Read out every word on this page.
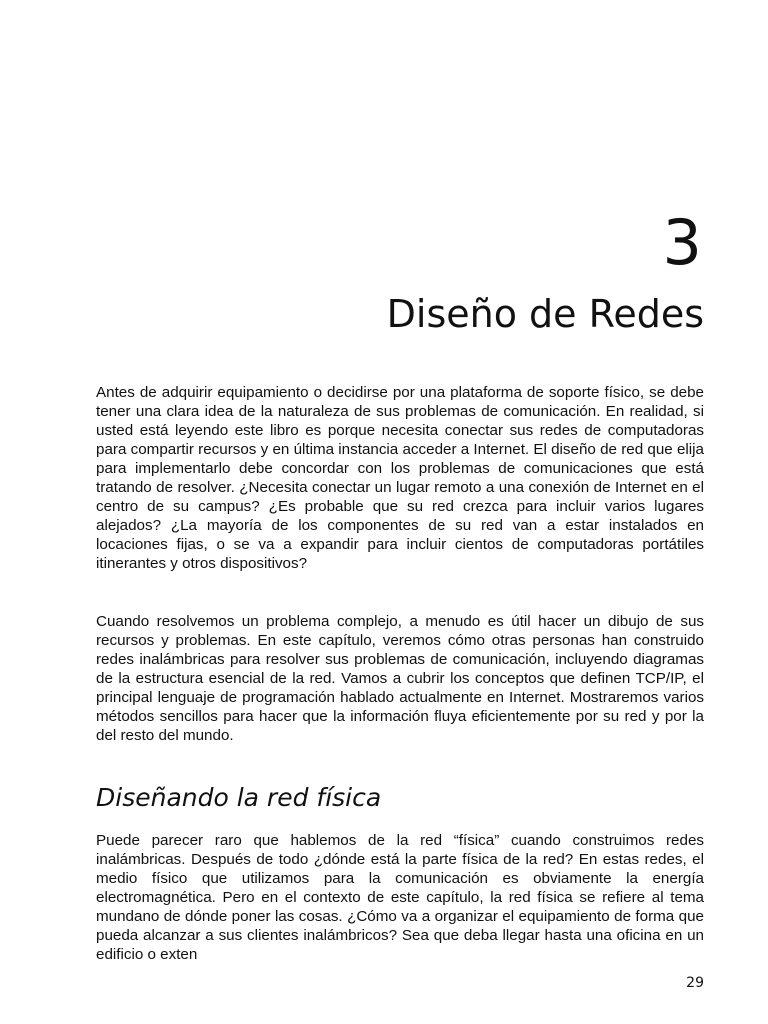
3
Diseño de Redes

Antes de adquirir equipamiento o decidirse por una plataforma de soporte físico, se debe tener una clara idea de la naturaleza de sus problemas de comunicación. En realidad, si usted está leyendo este libro es porque necesita conectar sus redes de computadoras para compartir recursos y en última instancia acceder a Internet. El diseño de red que elija para implementarlo debe concordar con los problemas de comunicaciones que está tratando de resolver. ¿Necesita conectar un lugar remoto a una conexión de Internet en el centro de su campus? ¿Es probable que su red crezca para incluir varios lugares alejados? ¿La mayoría de los componentes de su red van a estar instalados en locaciones fijas, o se va a expandir para incluir cientos de computadoras portátiles itinerantes y otros dispositivos?

Cuando resolvemos un problema complejo, a menudo es útil hacer un dibujo de sus recursos y problemas. En este capítulo, veremos cómo otras personas han construido redes inalámbricas para resolver sus problemas de comunicación, incluyendo diagramas de la estructura esencial de la red. Vamos a cubrir los conceptos que definen TCP/IP, el principal lenguaje de programación hablado actualmente en Internet. Mostraremos varios métodos sencillos para hacer que la información fluya eficientemente por su red y por la del resto del mundo.

Diseñando la red física

Puede parecer raro que hablemos de la red “física” cuando construimos redes inalámbricas. Después de todo ¿dónde está la parte física de la red? En estas redes, el medio físico que utilizamos para la comunicación es obviamente la energía electromagnética. Pero en el contexto de este capítulo, la red física se refiere al tema mundano de dónde poner las cosas. ¿Cómo va a organizar el equipamiento de forma que pueda alcanzar a sus clientes inalámbricos? Sea que deba llegar hasta una oficina en un edificio o exten

29
